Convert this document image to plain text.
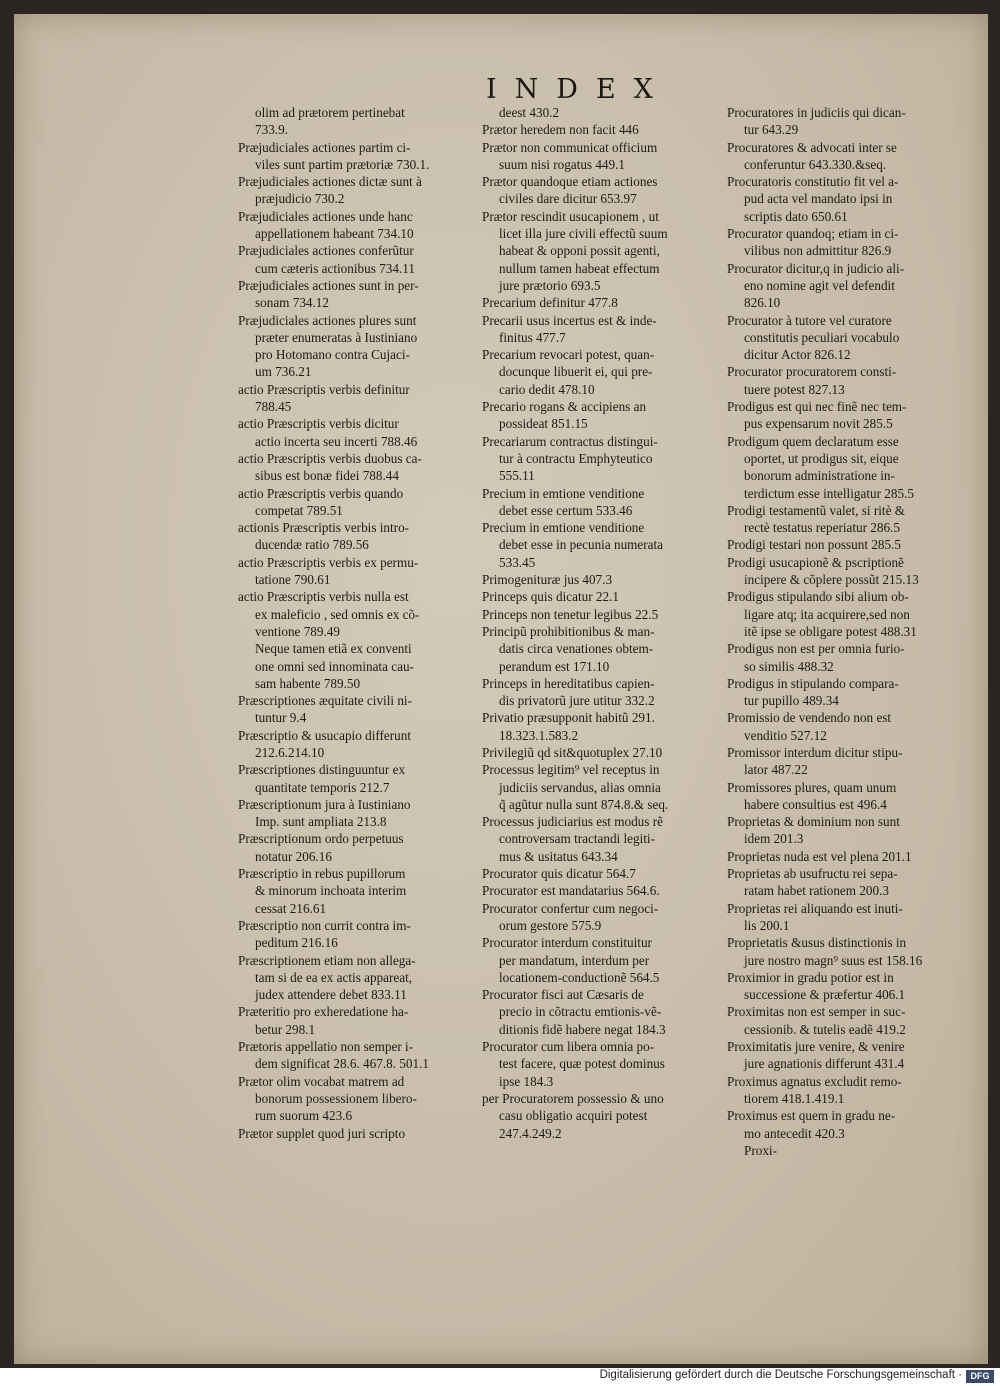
INDEX
olim ad prætorem pertinebat
733.9.
Præjudiciales actiones partim ci-
viles sunt partim prætoriæ 730.1.
Præjudiciales actiones dictæ sunt à
præjudicio 730.2
Præjudiciales actiones unde hanc
appellationem habeant 734.10
Præjudiciales actiones conferũtur
cum cæteris actionibus 734.11
Præjudiciales actiones sunt in per-
sonam 734.12
Præjudiciales actiones plures sunt
præter enumeratas à Iustiniano
pro Hotomano contra Cujaci-
um 736.21
actio Præscriptis verbis definitur
788.45
actio Præscriptis verbis dicitur
actio incerta seu incerti 788.46
actio Præscriptis verbis duobus ca-
sibus est bonæ fidei 788.44
actio Præscriptis verbis quando
competat 789.51
actionis Præscriptis verbis intro-
ducendæ ratio 789.56
actio Præscriptis verbis ex permu-
tatione 790.61
actio Præscriptis verbis nulla est
ex maleficio , sed omnis ex cõ-
ventione 789.49
Neque tamen etiã ex conventi
one omni sed innominata cau-
sam habente 789.50
Præscriptiones æquitate civili ni-
tuntur 9.4
Præscriptio & usucapio differunt
212.6.214.10
Præscriptiones distinguuntur ex
quantitate temporis 212.7
Præscriptionum jura à Iustiniano
Imp. sunt ampliata 213.8
Præscriptionum ordo perpetuus
notatur 206.16
Præscriptio in rebus pupillorum
& minorum inchoata interim
cessat 216.61
Præscriptio non currit contra im-
peditum 216.16
Præscriptionem etiam non allega-
tam si de ea ex actis appareat,
judex attendere debet 833.11
Præteritio pro exheredatione ha-
betur 298.1
Prætoris appellatio non semper i-
dem significat 28.6. 467.8. 501.1
Prætor olim vocabat matrem ad
bonorum possessionem libero-
rum suorum 423.6
Prætor supplet quod juri scripto
deest 430.2
Prætor heredem non facit 446
Prætor non communicat officium
suum nisi rogatus 449.1
Prætor quandoque etiam actiones
civiles dare dicitur 653.97
Prætor rescindit usucapionem , ut
licet illa jure civili effectũ suum
habeat & opponi possit agenti,
nullum tamen habeat effectum
jure prætorio 693.5
Precarium definitur 477.8
Precarii usus incertus est & inde-
finitus 477.7
Precarium revocari potest, quan-
docunque libuerit ei, qui pre-
cario dedit 478.10
Precario rogans & accipiens an
possideat 851.15
Precariarum contractus distingui-
tur à contractu Emphyteutico
555.11
Precium in emtione venditione
debet esse certum 533.46
Precium in emtione venditione
debet esse in pecunia numerata
533.45
Primogenituræ jus 407.3
Princeps quis dicatur 22.1
Princeps non tenetur legibus 22.5
Principũ prohibitionibus & man-
datis circa venationes obtem-
perandum est 171.10
Princeps in hereditatibus capien-
dis privatorũ jure utitur 332.2
Privatio præsupponit habitũ 291.
18.323.1.583.2
Privilegiũ qd sit&quotuplex 27.10
Processus legitim⁹ vel receptus in
judiciis servandus, alias omnia
q̃ agũtur nulla sunt 874.8.& seq.
Processus judiciarius est modus rẽ
controversam tractandi legiti-
mus & usitatus 643.34
Procurator quis dicatur 564.7
Procurator est mandatarius 564.6.
Procurator confertur cum negoci-
orum gestore 575.9
Procurator interdum constituitur
per mandatum, interdum per
locationem-conductionẽ 564.5
Procurator fisci aut Cæsaris de
precio in cõtractu emtionis-vẽ-
ditionis fidẽ habere negat 184.3
Procurator cum libera omnia po-
test facere, quæ potest dominus
ipse 184.3
per Procuratorem possessio & uno
casu obligatio acquiri potest
247.4.249.2
Procuratores in judiciis qui dican-
tur 643.29
Procuratores & advocati inter se
conferuntur 643.330.&seq.
Procuratoris constitutio fit vel a-
pud acta vel mandato ipsi in
scriptis dato 650.61
Procurator quandoq; etiam in ci-
vilibus non admittitur 826.9
Procurator dicitur,q in judicio ali-
eno nomine agit vel defendit
826.10
Procurator à tutore vel curatore
constitutis peculiari vocabulo
dicitur Actor 826.12
Procurator procuratorem consti-
tuere potest 827.13
Prodigus est qui nec finẽ nec tem-
pus expensarum novit 285.5
Prodigum quem declaratum esse
oportet, ut prodigus sit, eique
bonorum administratione in-
terdictum esse intelligatur 285.5
Prodigi testamentũ valet, si ritè &
rectè testatus reperiatur 286.5
Prodigi testari non possunt 285.5
Prodigi usucapionẽ & pscriptionẽ
incipere & cõplere possũt 215.13
Prodigus stipulando sibi alium ob-
ligare atq; ita acquirere,sed non
itẽ ipse se obligare potest 488.31
Prodigus non est per omnia furio-
so similis 488.32
Prodigus in stipulando compara-
tur pupillo 489.34
Promissio de vendendo non est
venditio 527.12
Promissor interdum dicitur stipu-
lator 487.22
Promissores plures, quam unum
habere consultius est 496.4
Proprietas & dominium non sunt
idem 201.3
Proprietas nuda est vel plena 201.1
Proprietas ab usufructu rei sepa-
ratam habet rationem 200.3
Proprietas rei aliquando est inuti-
lis 200.1
Proprietatis &usus distinctionis in
jure nostro magn⁹ suus est 158.16
Proximior in gradu potior est in
successione & præfertur 406.1
Proximitas non est semper in suc-
cessionib. & tutelis eadẽ 419.2
Proximitatis jure venire, & venire
jure agnationis differunt 431.4
Proximus agnatus excludit remo-
tiorem 418.1.419.1
Proximus est quem in gradu ne-
mo antecedit 420.3
Proxi-
Digitalisierung gefördert durch die Deutsche Forschungsgemeinschaft · DFG
